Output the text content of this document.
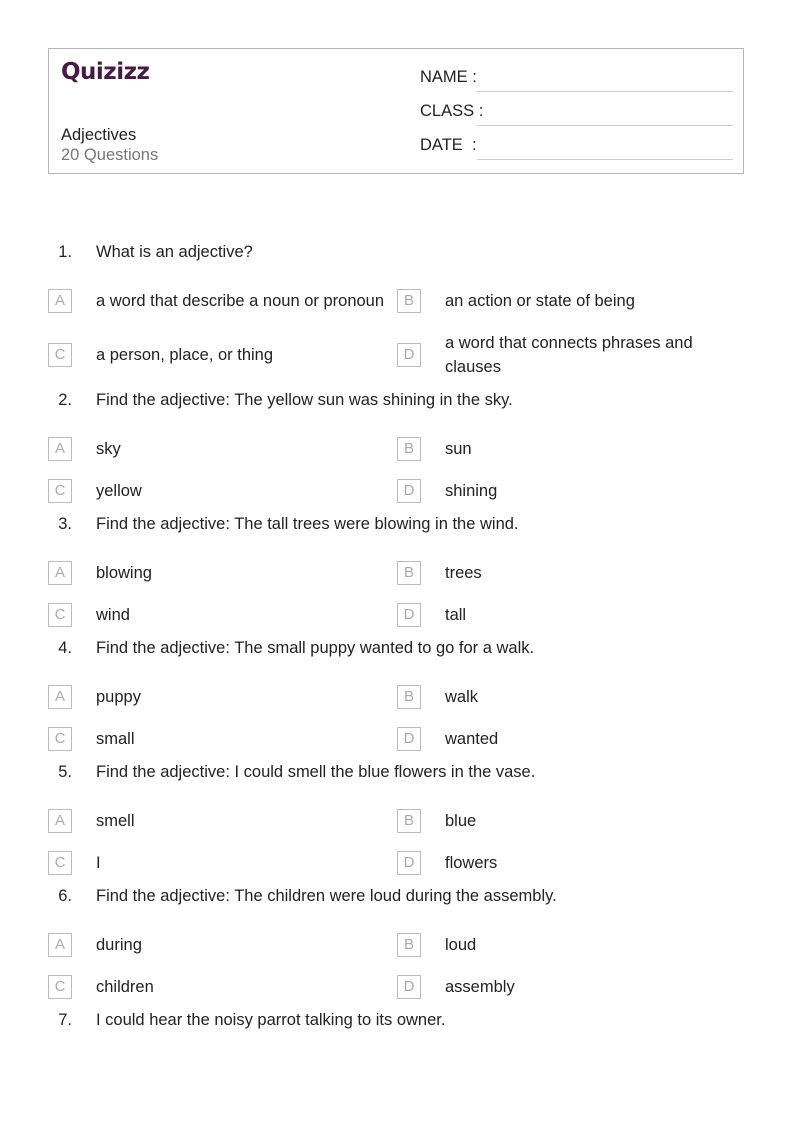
Quizizz
Adjectives
20 Questions
NAME :
CLASS :
DATE  :
1. What is an adjective?
A	a word that describe a noun or pronoun	B	an action or state of being
C	a person, place, or thing	D
a word that connects phrases and clauses
2. Find the adjective: The yellow sun was shining in the sky.
A	sky	B	sun
C	yellow	D	shining
3. Find the adjective: The tall trees were blowing in the wind.
A	blowing	B	trees
C	wind	D	tall
4. Find the adjective: The small puppy wanted to go for a walk.
A	puppy	B	walk
C	small	D	wanted
5. Find the adjective: I could smell the blue flowers in the vase.
A	smell	B	blue
C	I	D	flowers
6. Find the adjective: The children were loud during the assembly.
A	during	B	loud
C	children	D	assembly
7. I could hear the noisy parrot talking to its owner.
